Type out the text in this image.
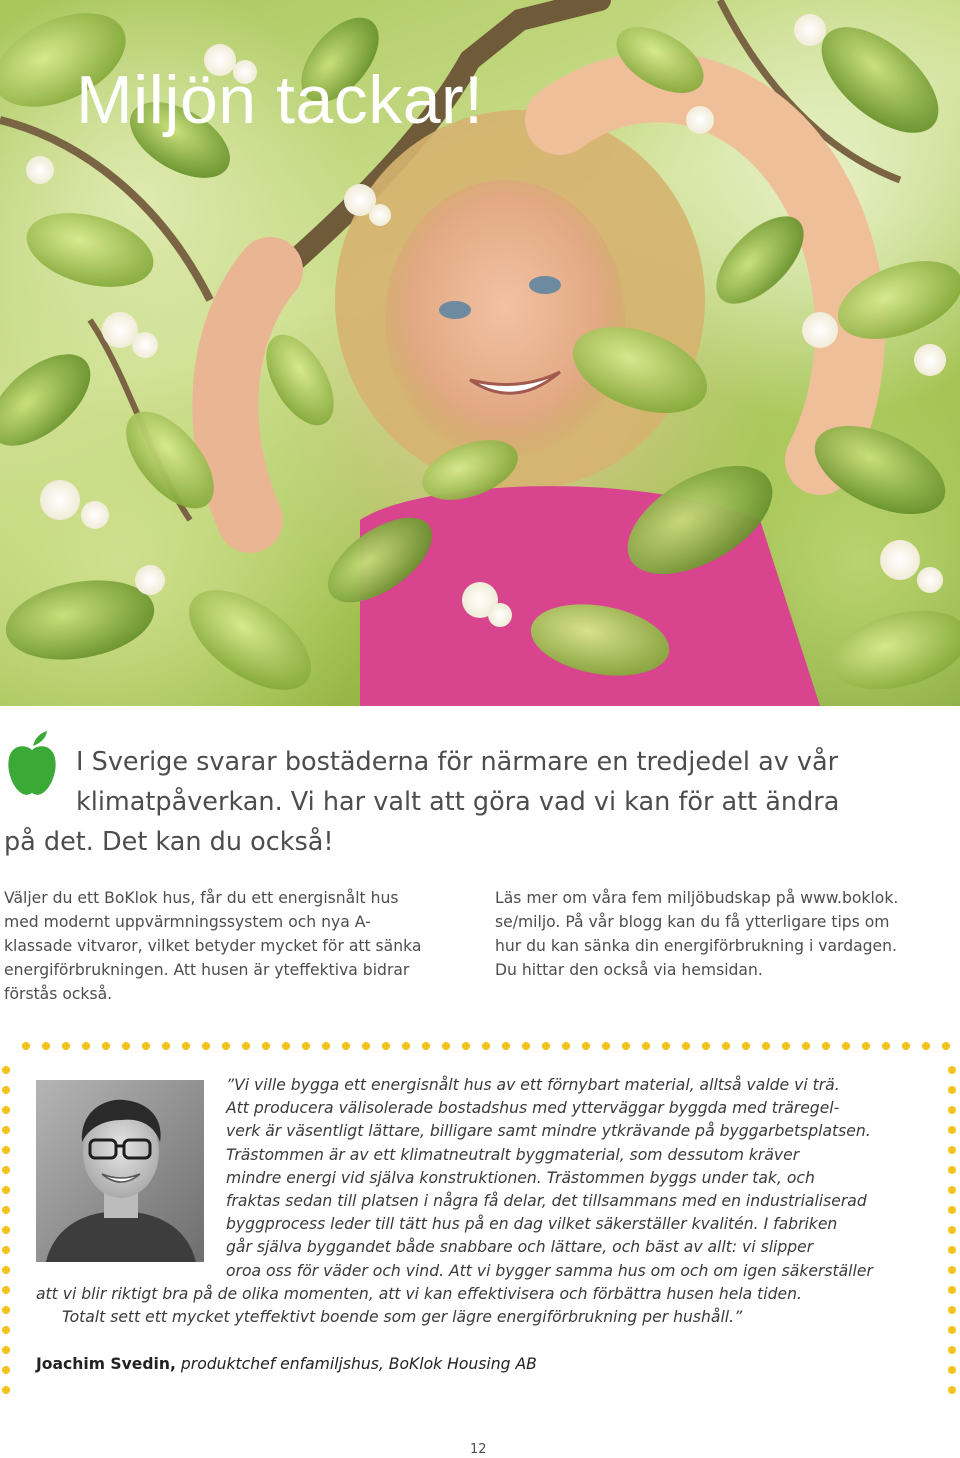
Miljön tackar!

I Sverige svarar bostäderna för närmare en tredjedel av vår
klimatpåverkan. Vi har valt att göra vad vi kan för att ändra
på det. Det kan du också!

Väljer du ett BoKlok hus, får du ett energisnålt hus
med modernt uppvärmningssystem och nya A-
klassade vitvaror, vilket betyder mycket för att sänka
energiförbrukningen. Att husen är yteffektiva bidrar
förstås också.

Läs mer om våra fem miljöbudskap på www.boklok.
se/miljo. På vår blogg kan du få ytterligare tips om
hur du kan sänka din energiförbrukning i vardagen.
Du hittar den också via hemsidan.

”Vi ville bygga ett energisnålt hus av ett förnybart material, alltså valde vi trä.
Att producera välisolerade bostadshus med ytterväggar byggda med träregel-
verk är väsentligt lättare, billigare samt mindre ytkrävande på byggarbetsplatsen.
Trästommen är av ett klimatneutralt byggmaterial, som dessutom kräver
mindre energi vid själva konstruktionen. Trästommen byggs under tak, och
fraktas sedan till platsen i några få delar, det tillsammans med en industrialiserad
byggprocess leder till tätt hus på en dag vilket säkerställer kvalitén. I fabriken
går själva byggandet både snabbare och lättare, och bäst av allt: vi slipper
oroa oss för väder och vind. Att vi bygger samma hus om och om igen säkerställer
att vi blir riktigt bra på de olika momenten, att vi kan effektivisera och förbättra husen hela tiden.
Totalt sett ett mycket yteffektivt boende som ger lägre energiförbrukning per hushåll.”

Joachim Svedin, produktchef enfamiljshus, BoKlok Housing AB

12
